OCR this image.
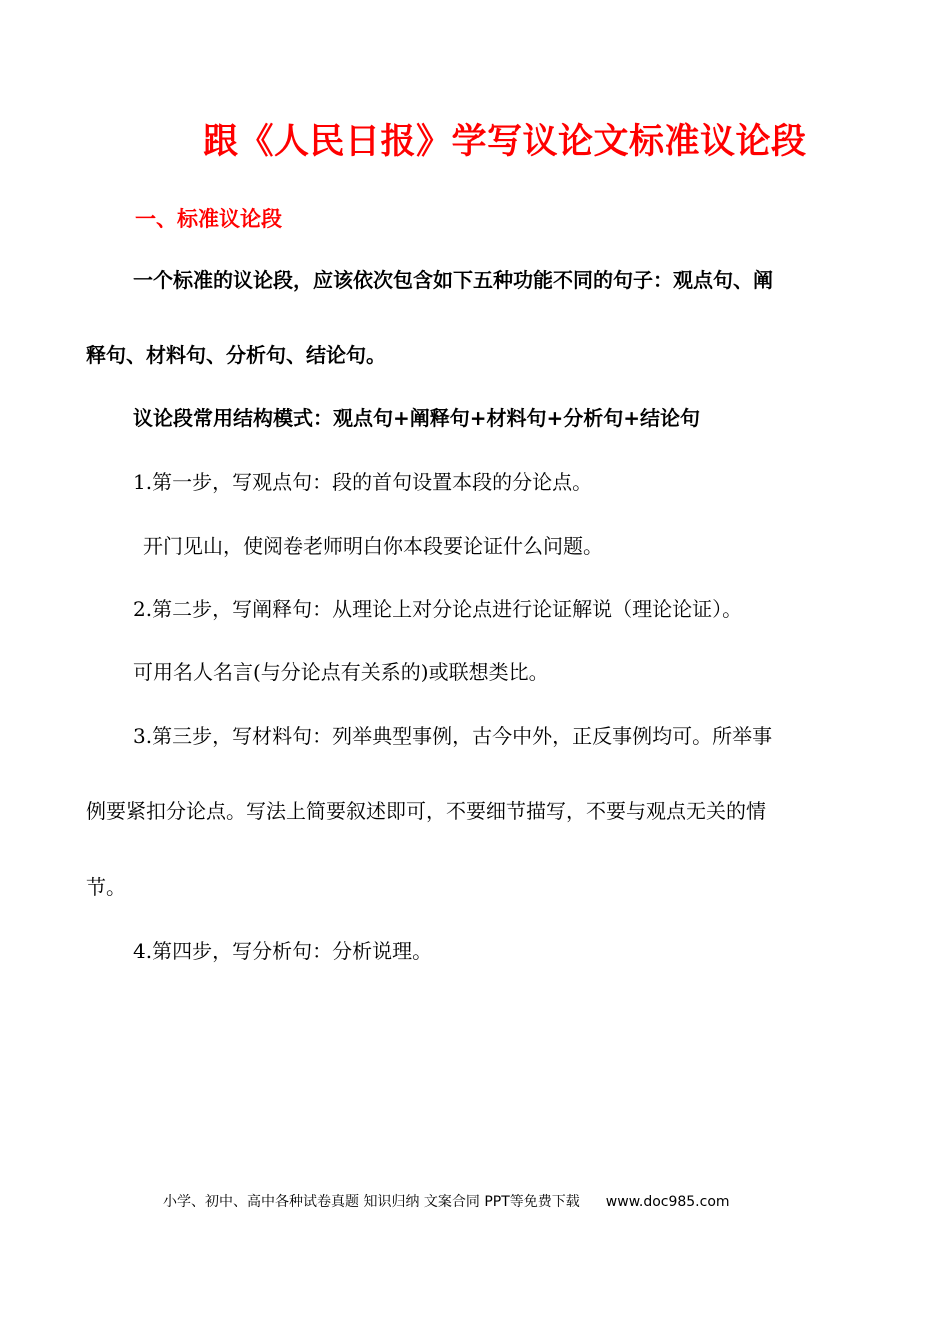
跟《人民日报》学写议论文标准议论段
一、标准议论段
一个标准的议论段，应该依次包含如下五种功能不同的句子：观点句、阐
释句、材料句、分析句、结论句。
议论段常用结构模式：观点句+阐释句+材料句+分析句+结论句
1.第一步，写观点句：段的首句设置本段的分论点。
开门见山，使阅卷老师明白你本段要论证什么问题。
2.第二步，写阐释句：从理论上对分论点进行论证解说（理论论证）。
可用名人名言(与分论点有关系的)或联想类比。
3.第三步，写材料句：列举典型事例，古今中外，正反事例均可。所举事
例要紧扣分论点。写法上简要叙述即可，不要细节描写，不要与观点无关的情
节。
4.第四步，写分析句：分析说理。
小学、初中、高中各种试卷真题 知识归纳 文案合同 PPT等免费下载 www.doc985.com
